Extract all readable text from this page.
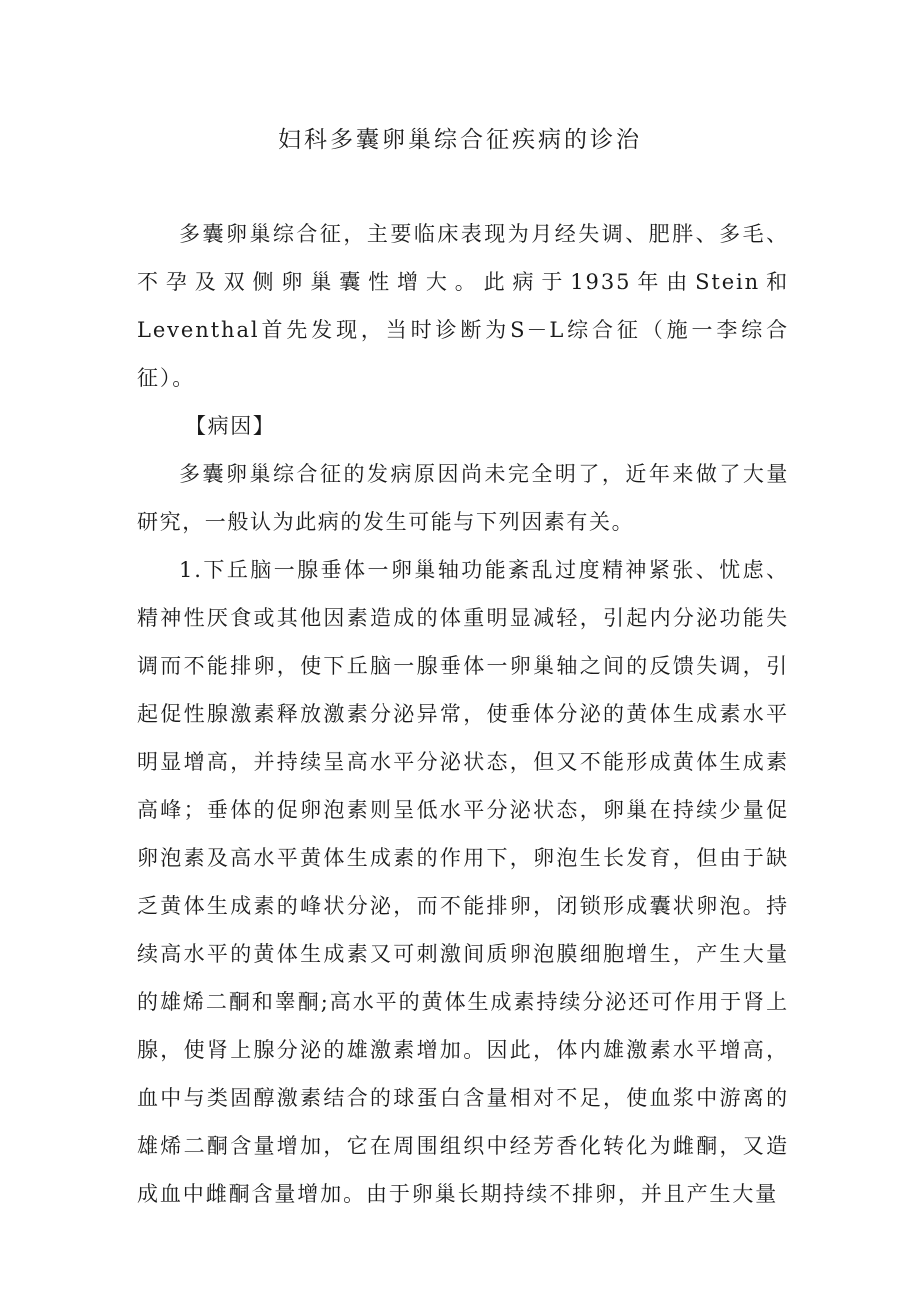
妇科多囊卵巢综合征疾病的诊治

多囊卵巢综合征，主要临床表现为月经失调、肥胖、多毛、不孕及双侧卵巢囊性增大。此病于1935年由Stein和Leventhal首先发现，当时诊断为S－L综合征（施一李综合征）。

【病因】

多囊卵巢综合征的发病原因尚未完全明了，近年来做了大量研究，一般认为此病的发生可能与下列因素有关。

1.下丘脑一腺垂体一卵巢轴功能紊乱过度精神紧张、忧虑、精神性厌食或其他因素造成的体重明显减轻，引起内分泌功能失调而不能排卵，使下丘脑一腺垂体一卵巢轴之间的反馈失调，引起促性腺激素释放激素分泌异常，使垂体分泌的黄体生成素水平明显增高，并持续呈高水平分泌状态，但又不能形成黄体生成素高峰；垂体的促卵泡素则呈低水平分泌状态，卵巢在持续少量促卵泡素及高水平黄体生成素的作用下，卵泡生长发育，但由于缺乏黄体生成素的峰状分泌，而不能排卵，闭锁形成囊状卵泡。持续高水平的黄体生成素又可刺激间质卵泡膜细胞增生，产生大量的雄烯二酮和睾酮;高水平的黄体生成素持续分泌还可作用于肾上腺，使肾上腺分泌的雄激素增加。因此，体内雄激素水平增高，血中与类固醇激素结合的球蛋白含量相对不足，使血浆中游离的雄烯二酮含量增加，它在周围组织中经芳香化转化为雌酮，又造成血中雌酮含量增加。由于卵巢长期持续不排卵，并且产生大量
